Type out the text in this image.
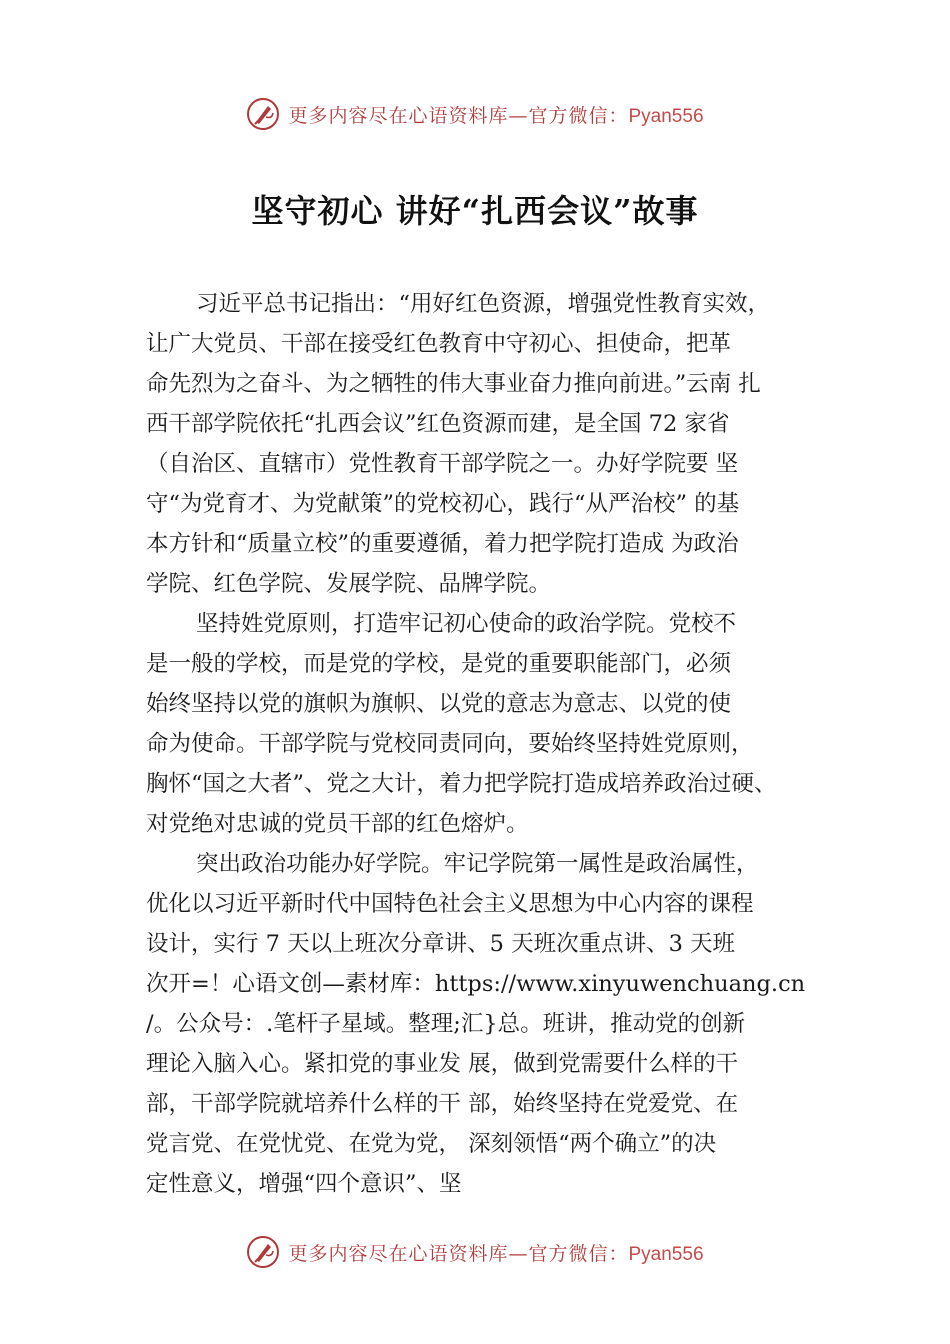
更多内容尽在心语资料库—官方微信：Pyan556
坚守初心 讲好“扎西会议”故事

习近平总书记指出：“用好红色资源，增强党性教育实效，
让广大党员、干部在接受红色教育中守初心、担使命，把革
命先烈为之奋斗、为之牺牲的伟大事业奋力推向前进。”云南 扎
西干部学院依托“扎西会议”红色资源而建，是全国 72 家省
（自治区、直辖市）党性教育干部学院之一。办好学院要 坚
守“为党育才、为党献策”的党校初心，践行“从严治校” 的基
本方针和“质量立校”的重要遵循，着力把学院打造成 为政治
学院、红色学院、发展学院、品牌学院。

坚持姓党原则，打造牢记初心使命的政治学院。党校不
是一般的学校，而是党的学校，是党的重要职能部门，必须
始终坚持以党的旗帜为旗帜、以党的意志为意志、以党的使
命为使命。干部学院与党校同责同向，要始终坚持姓党原则，
胸怀“国之大者”、党之大计，着力把学院打造成培养政治过硬、
对党绝对忠诚的党员干部的红色熔炉。

突出政治功能办好学院。牢记学院第一属性是政治属性，
优化以习近平新时代中国特色社会主义思想为中心内容的课程
设计，实行 7 天以上班次分章讲、5 天班次重点讲、3 天班
次开=！心语文创—素材库：https://www.xinyuwenchuang.cn
/。公众号：.笔杆子星域。整理;汇}总。班讲，推动党的创新
理论入脑入心。紧扣党的事业发 展，做到党需要什么样的干
部，干部学院就培养什么样的干 部，始终坚持在党爱党、在
党言党、在党忧党、在党为党， 深刻领悟“两个确立”的决
定性意义，增强“四个意识”、坚

更多内容尽在心语资料库—官方微信：Pyan556
